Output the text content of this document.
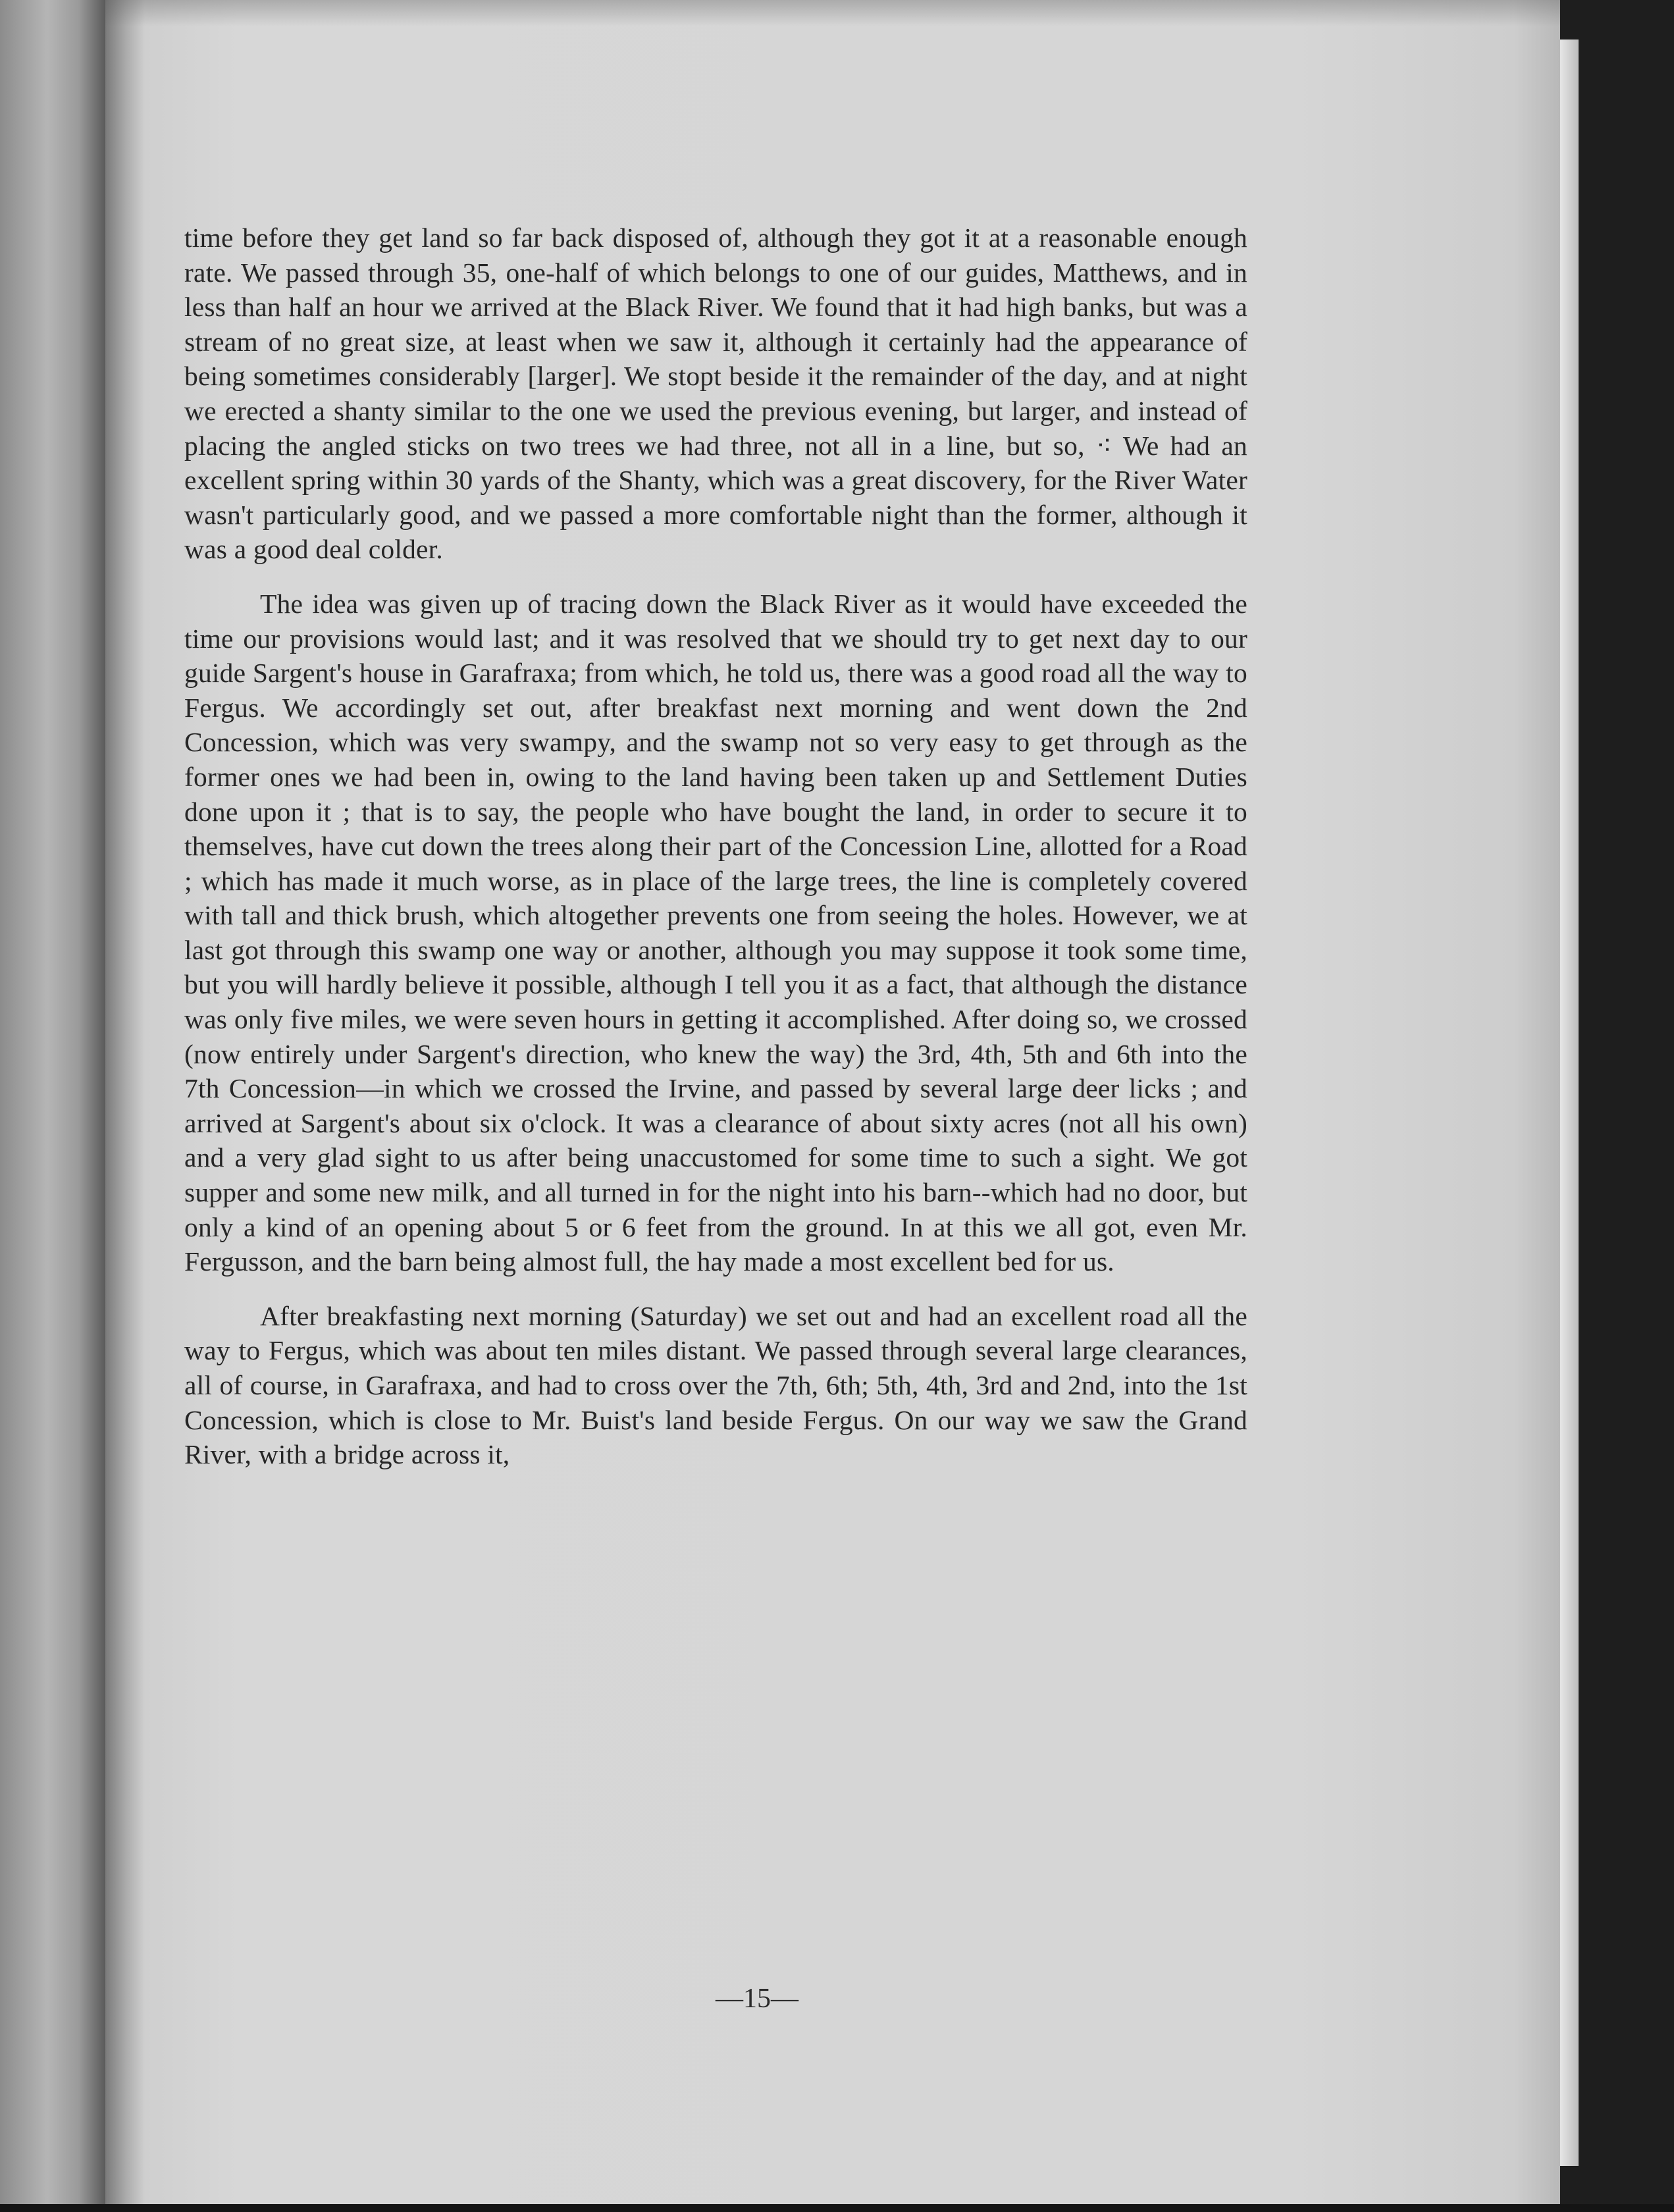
—15—

time before they get land so far back disposed of, although they got it at a reasonable enough rate. We passed through 35, one-half of which belongs to one of our guides, Matthews, and in less than half an hour we arrived at the Black River. We found that it had high banks, but was a stream of no great size, at least when we saw it, although it certainly had the appearance of being sometimes considerably [larger]. We stopt beside it the remainder of the day, and at night we erected a shanty similar to the one we used the previous evening, but larger, and instead of placing the angled sticks on two trees we had three, not all in a line, but so, ⁖ We had an excellent spring within 30 yards of the Shanty, which was a great discovery, for the River Water wasn't particularly good, and we passed a more comfortable night than the former, although it was a good deal colder.

The idea was given up of tracing down the Black River as it would have exceeded the time our provisions would last; and it was resolved that we should try to get next day to our guide Sargent's house in Garafraxa; from which, he told us, there was a good road all the way to Fergus. We accordingly set out, after breakfast next morning and went down the 2nd Concession, which was very swampy, and the swamp not so very easy to get through as the former ones we had been in, owing to the land having been taken up and Settlement Duties done upon it ; that is to say, the people who have bought the land, in order to secure it to themselves, have cut down the trees along their part of the Concession Line, allotted for a Road ; which has made it much worse, as in place of the large trees, the line is completely covered with tall and thick brush, which altogether prevents one from seeing the holes. However, we at last got through this swamp one way or another, although you may suppose it took some time, but you will hardly believe it possible, although I tell you it as a fact, that although the distance was only five miles, we were seven hours in getting it accomplished. After doing so, we crossed (now entirely under Sargent's direction, who knew the way) the 3rd, 4th, 5th and 6th into the 7th Concession—in which we crossed the Irvine, and passed by several large deer licks ; and arrived at Sargent's about six o'clock. It was a clearance of about sixty acres (not all his own) and a very glad sight to us after being unaccustomed for some time to such a sight. We got supper and some new milk, and all turned in for the night into his barn--which had no door, but only a kind of an opening about 5 or 6 feet from the ground. In at this we all got, even Mr. Fergusson, and the barn being almost full, the hay made a most excellent bed for us.

After breakfasting next morning (Saturday) we set out and had an excellent road all the way to Fergus, which was about ten miles distant. We passed through several large clearances, all of course, in Garafraxa, and had to cross over the 7th, 6th; 5th, 4th, 3rd and 2nd, into the 1st Concession, which is close to Mr. Buist's land beside Fergus. On our way we saw the Grand River, with a bridge across it,
